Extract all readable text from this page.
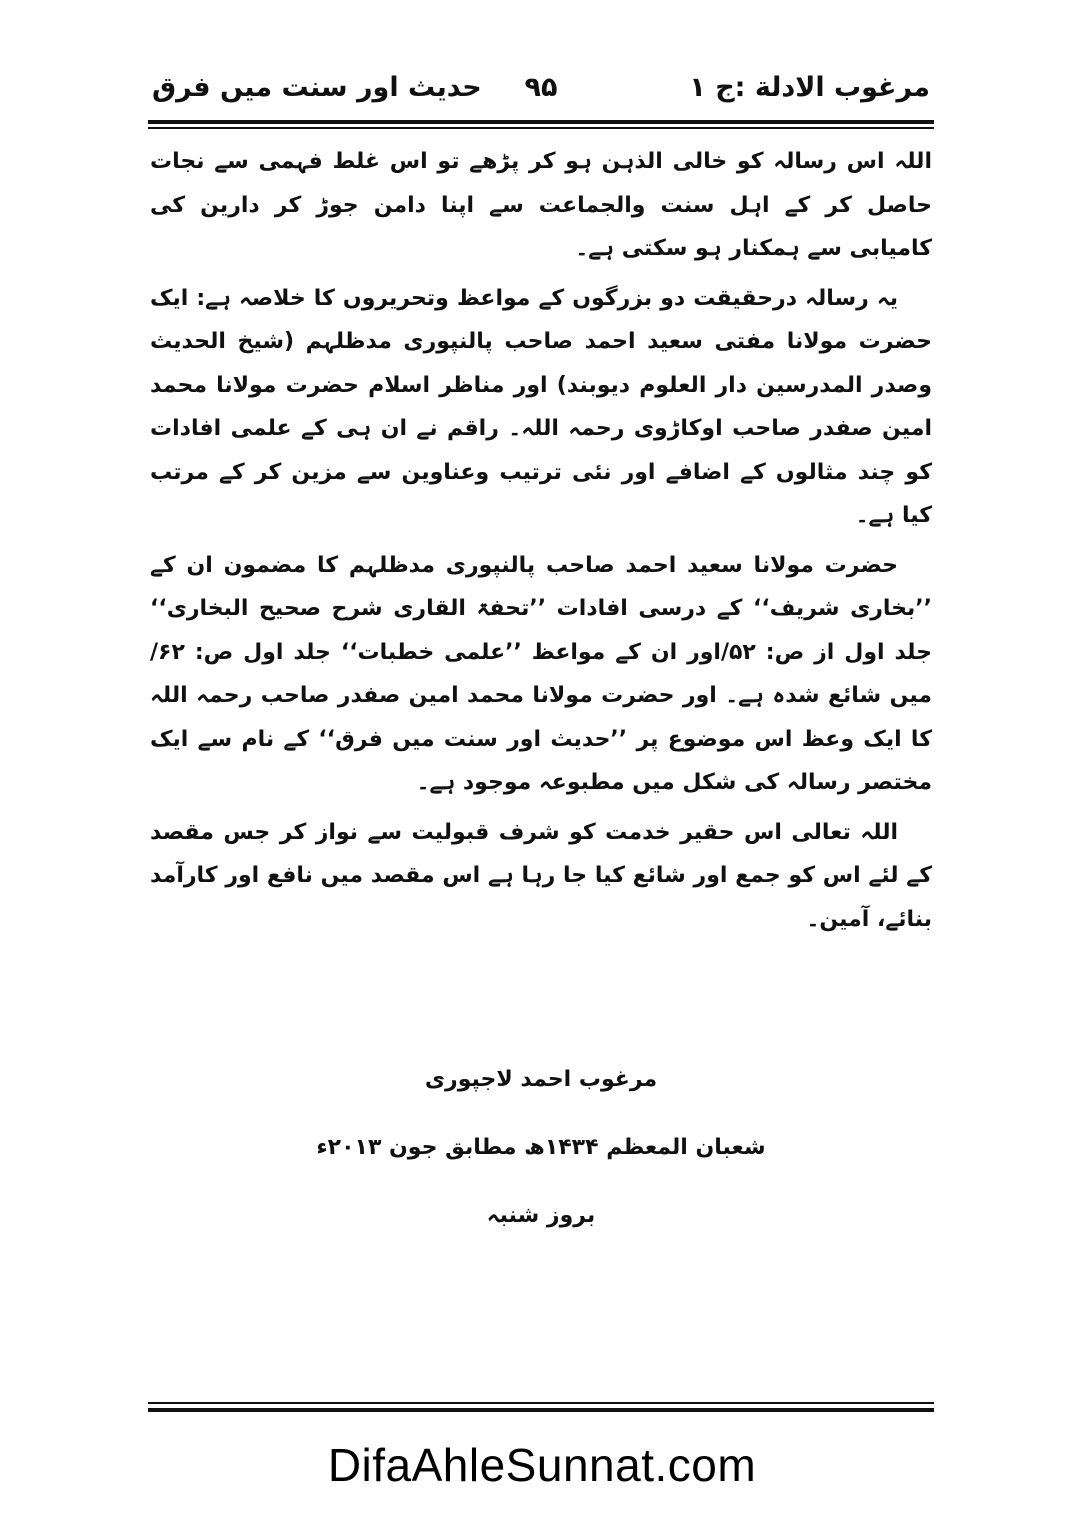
مرغوب الادلة :ج ۱
۹۵
حدیث اور سنت میں فرق

اللہ اس رسالہ کو خالی الذہن ہو کر پڑھے تو اس غلط فہمی سے نجات حاصل کر کے اہل سنت والجماعت سے اپنا دامن جوڑ کر دارین کی کامیابی سے ہمکنار ہو سکتی ہے۔

یہ رسالہ درحقیقت دو بزرگوں کے مواعظ وتحریروں کا خلاصہ ہے: ایک حضرت مولانا مفتی سعید احمد صاحب پالنپوری مدظلہم (شیخ الحدیث وصدر المدرسین دار العلوم دیوبند) اور مناظر اسلام حضرت مولانا محمد امین صفدر صاحب اوکاڑوی رحمہ اللہ۔ راقم نے ان ہی کے علمی افادات کو چند مثالوں کے اضافے اور نئی ترتیب وعناوین سے مزین کر کے مرتب کیا ہے۔

حضرت مولانا سعید احمد صاحب پالنپوری مدظلہم کا مضمون ان کے ’’بخاری شریف‘‘ کے درسی افادات ’’تحفۃ القاری شرح صحیح البخاری‘‘ جلد اول از ص: ۵۲/اور ان کے مواعظ ’’علمی خطبات‘‘ جلد اول ص: ۶۲/ میں شائع شدہ ہے۔ اور حضرت مولانا محمد امین صفدر صاحب رحمہ اللہ کا ایک وعظ اس موضوع پر ’’حدیث اور سنت میں فرق‘‘ کے نام سے ایک مختصر رسالہ کی شکل میں مطبوعہ موجود ہے۔

اللہ تعالی اس حقیر خدمت کو شرف قبولیت سے نواز کر جس مقصد کے لئے اس کو جمع اور شائع کیا جا رہا ہے اس مقصد میں نافع اور کارآمد بنائے، آمین۔

مرغوب احمد لاجپوری
شعبان المعظم ۱۴۳۴ھ مطابق جون ۲۰۱۳ء
بروز شنبہ
DifaAhleSunnat.com
